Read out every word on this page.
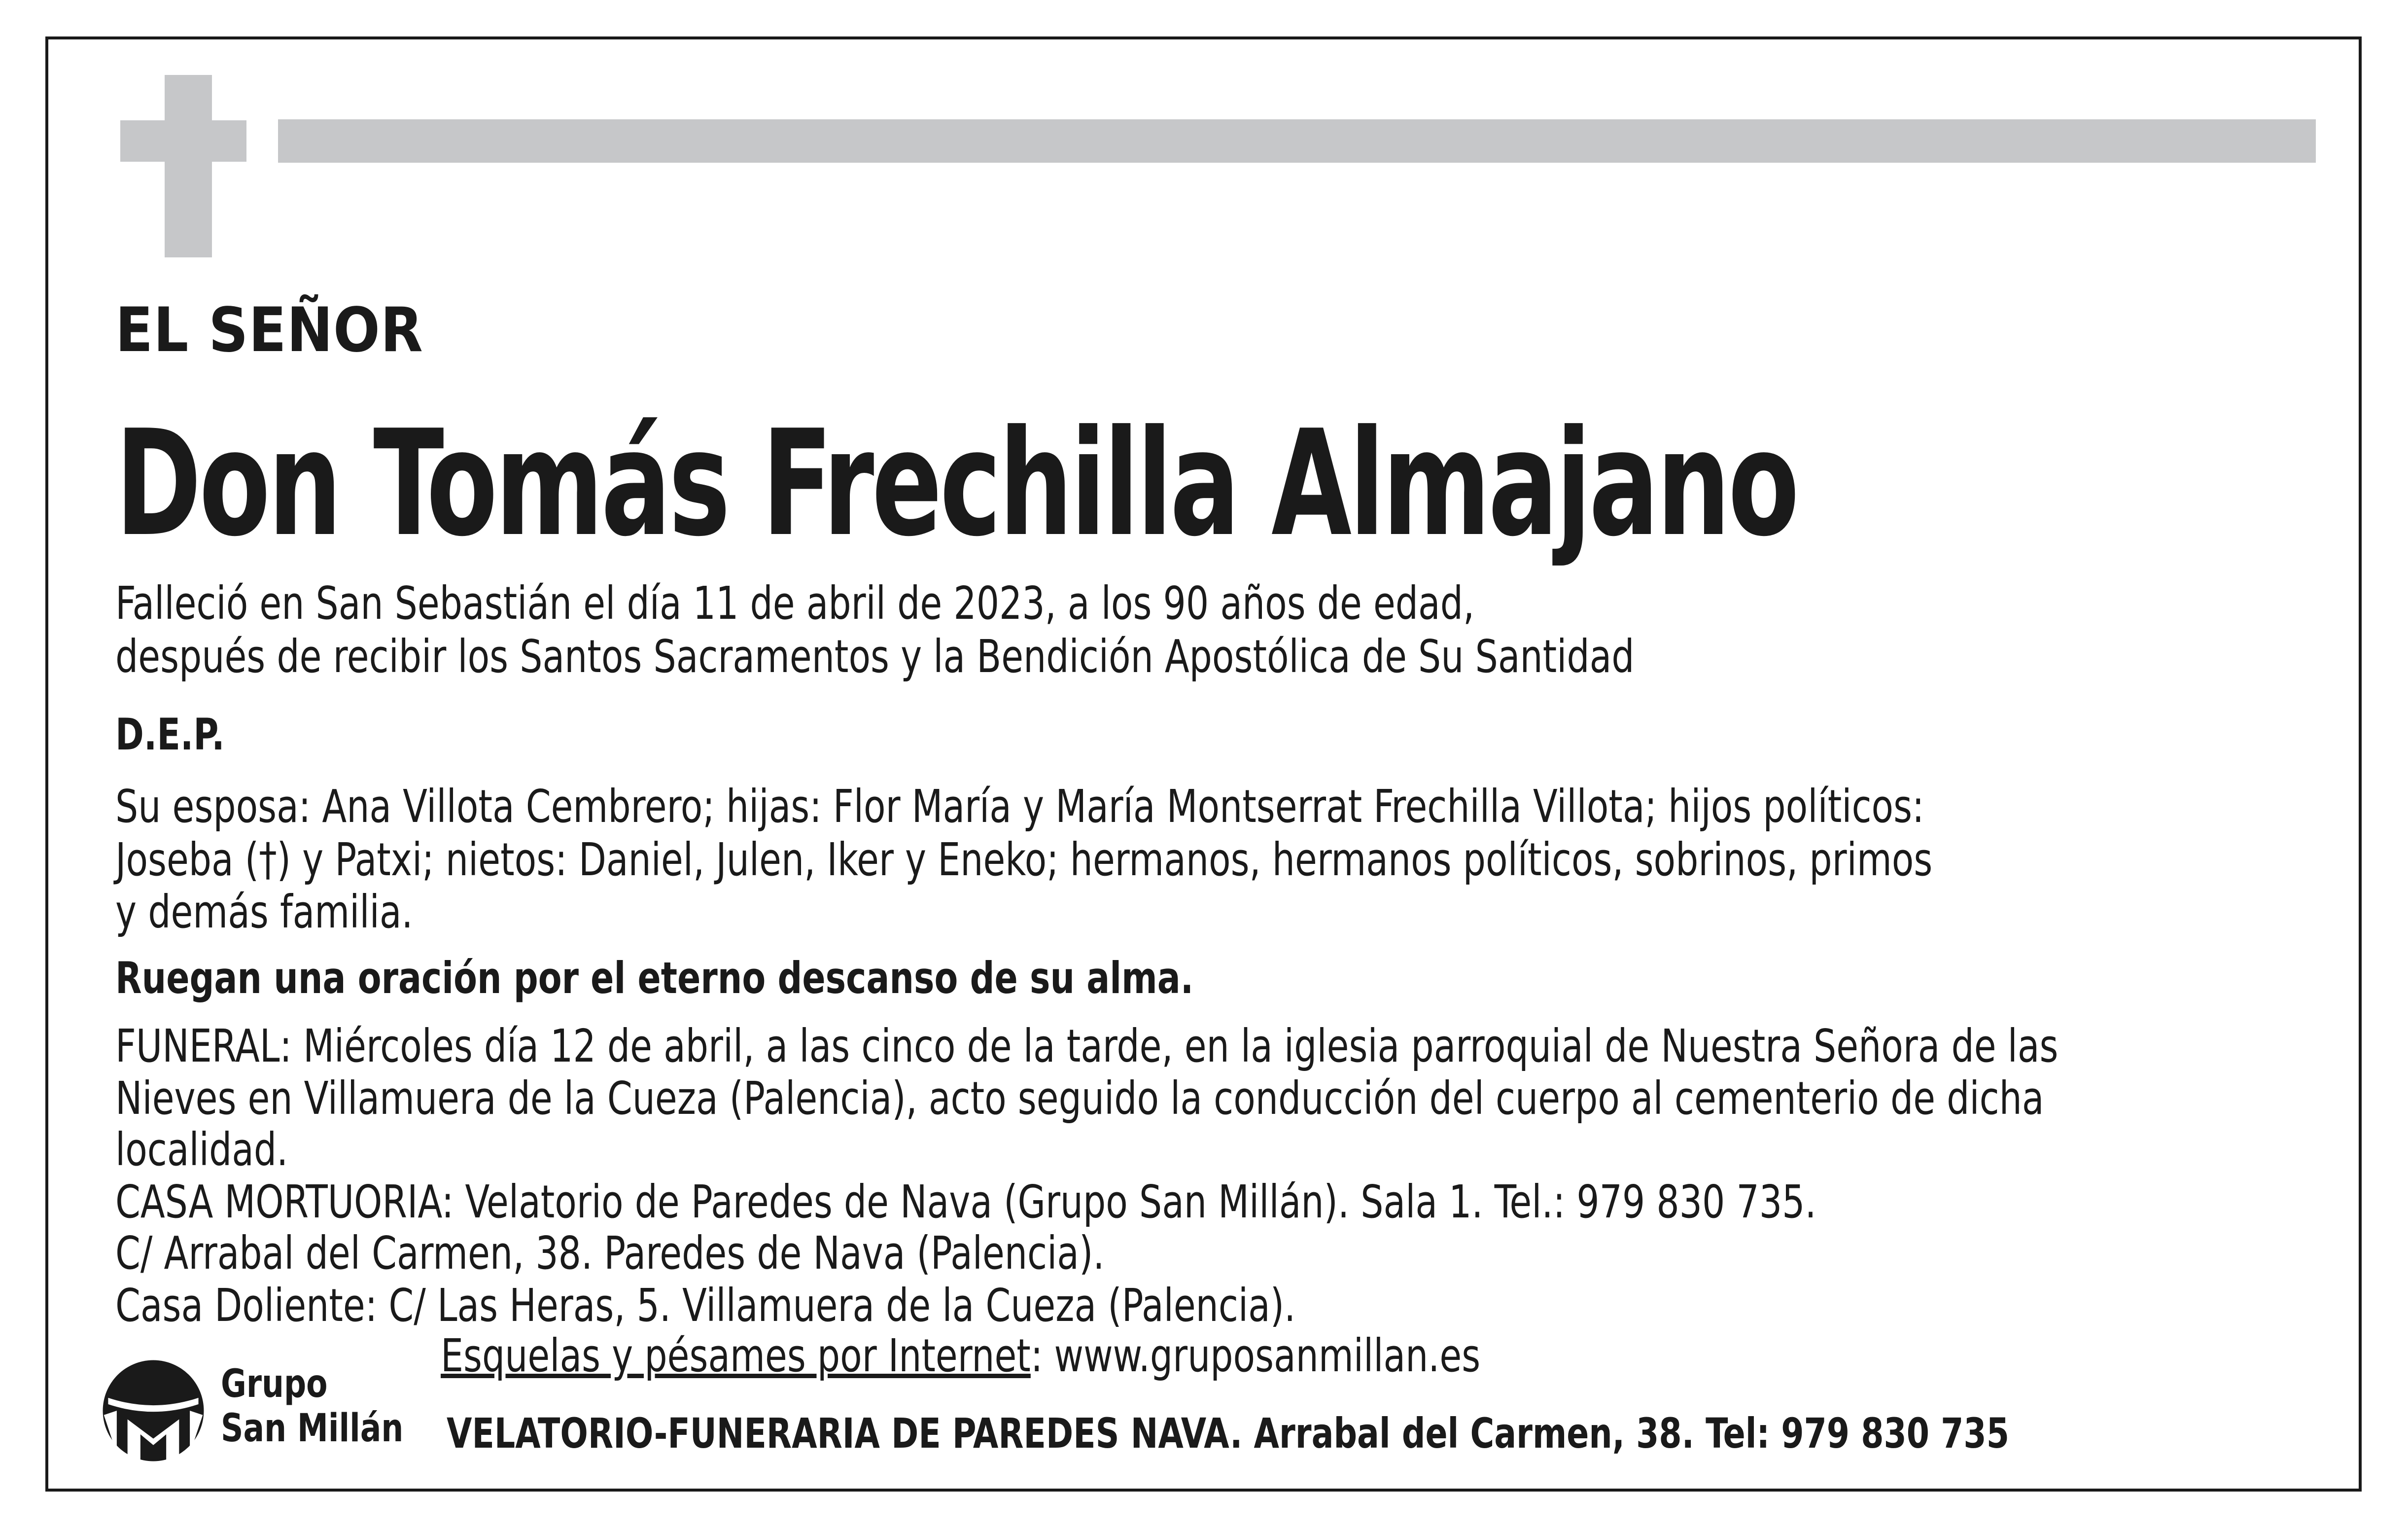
EL SEÑOR
Don Tomás Frechilla Almajano
Falleció en San Sebastián el día 11 de abril de 2023, a los 90 años de edad,
después de recibir los Santos Sacramentos y la Bendición Apostólica de Su Santidad
D.E.P.
Su esposa: Ana Villota Cembrero; hijas: Flor María y María Montserrat Frechilla Villota; hijos políticos:
Joseba (†) y Patxi; nietos: Daniel, Julen, Iker y Eneko; hermanos, hermanos políticos, sobrinos, primos
y demás familia.
Ruegan una oración por el eterno descanso de su alma.
FUNERAL: Miércoles día 12 de abril, a las cinco de la tarde, en la iglesia parroquial de Nuestra Señora de las
Nieves en Villamuera de la Cueza (Palencia), acto seguido la conducción del cuerpo al cementerio de dicha
localidad.
CASA MORTUORIA: Velatorio de Paredes de Nava (Grupo San Millán). Sala 1. Tel.: 979 830 735.
C/ Arrabal del Carmen, 38. Paredes de Nava (Palencia).
Casa Doliente: C/ Las Heras, 5. Villamuera de la Cueza (Palencia).
Esquelas y pésames por Internet: www.gruposanmillan.es
Grupo
San Millán VELATORIO-FUNERARIA DE PAREDES NAVA. Arrabal del Carmen, 38. Tel: 979 830 735
